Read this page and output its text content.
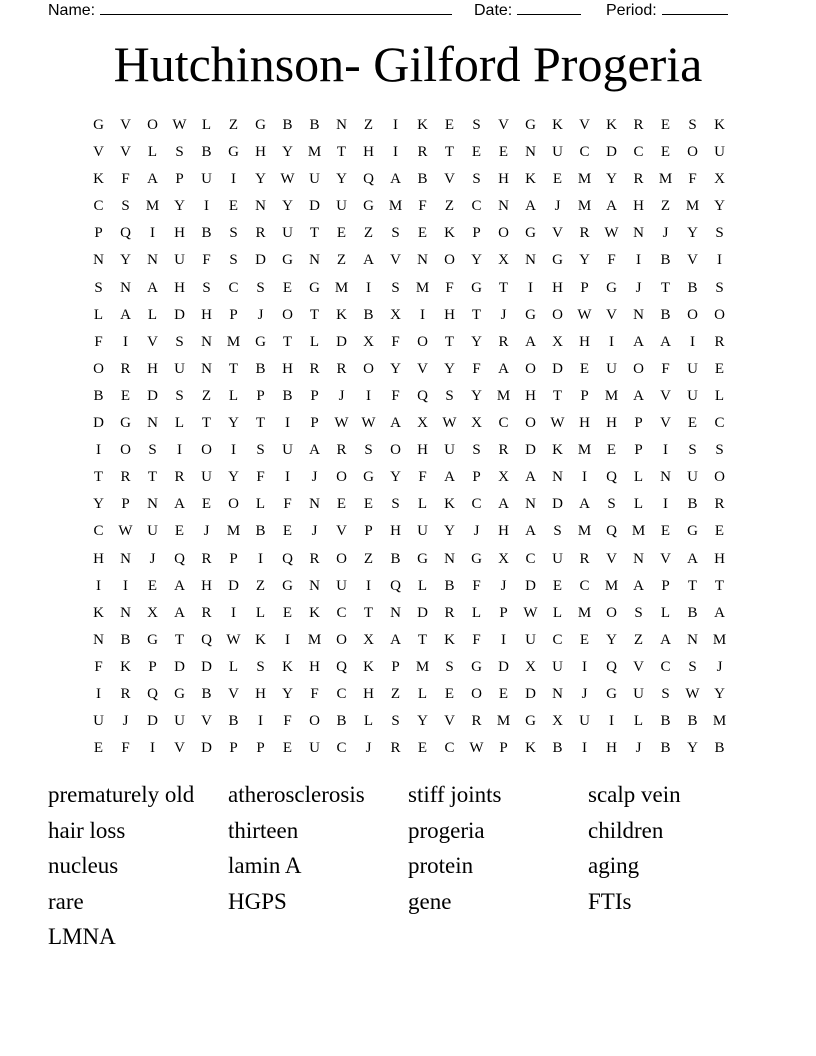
Name:	Date:	Period:
Hutchinson- Gilford Progeria
G	V	O W	L	Z	G	B	B	N	Z	I	K	E	S	V	G	K	V	K	R	E	S	K
V	V	L	S	B	G	H	Y M	T	H	I	R	T	E	E	N	U	C	D	C	E	O	U
K	F	A	P	U	I	Y W U	Y	Q	A	B	V	S	H	K	E	M Y	R	M	F	X
C	S	M Y	I	E	N	Y	D	U	G M	F	Z	C	N	A	J	M A	H	Z	M Y
P	Q	I	H	B	S	R	U	T	E	Z	S	E	K	P	O	G	V	R W N	J	Y	S
N	Y	N	U	F	S	D	G	N	Z	A	V	N	O	Y	X	N	G	Y	F	I	B	V	I
S	N	A	H	S	C	S	E	G M	I	S	M	F	G	T	I	H	P	G	J	T	B	S
L	A	L	D	H	P	J	O	T	K	B	X	I	H	T	J	G	O W V	N	B	O	O
F	I	V	S	N M G	T	L	D	X	F	O	T	Y	R	A	X	H	I	A	A	I	R
O	R	H	U	N	T	B	H	R	R	O	Y	V	Y	F	A	O	D	E	U	O	F	U	E
B	E	D	S	Z	L	P	B	P	J	I	F	Q	S	Y M H	T	P	M A	V	U	L
D	G	N	L	T	Y	T	I	P	W W A	X W X	C	O W H	H	P	V	E	C
I	O	S	I	O	I	S	U	A	R	S	O	H	U	S	R	D	K M	E	P	I	S	S
T	R	T	R	U	Y	F	I	J	O	G	Y	F	A	P	X	A	N	I	Q	L	N	U	O
Y	P	N	A	E	O	L	F	N	E	E	S	L	K	C	A	N	D	A	S	L	I	B	R
C W U	E	J	M	B	E	J	V	P	H	U	Y	J	H	A	S	M Q M	E	G	E
H	N	J	Q	R	P	I	Q	R	O	Z	B	G	N	G	X	C	U	R	V	N	V	A	H
I	I	E	A	H	D	Z	G	N	U	I	Q	L	B	F	J	D	E	C	M A	P	T	T
K	N	X	A	R	I	L	E	K	C	T	N	D	R	L	P	W	L	M O	S	L	B	A
N	B	G	T	Q W K	I	M O	X	A	T	K	F	I	U	C	E	Y	Z	A	N M
F	K	P	D	D	L	S	K	H	Q	K	P	M	S	G	D	X	U	I	Q	V	C	S	J
I	R	Q	G	B	V	H	Y	F	C	H	Z	L	E	O	E	D	N	J	G	U	S	W Y
U	J	D	U	V	B	I	F	O	B	L	S	Y	V	R	M G	X	U	I	L	B	B	M
E	F	I	V	D	P	P	E	U	C	J	R	E	C W	P	K	B	I	H	J	B	Y	B
prematurely old	atherosclerosis	stiff joints	scalp vein
hair loss	thirteen	progeria	children
nucleus	lamin A	protein	aging
rare	HGPS	gene	FTIs
LMNA
